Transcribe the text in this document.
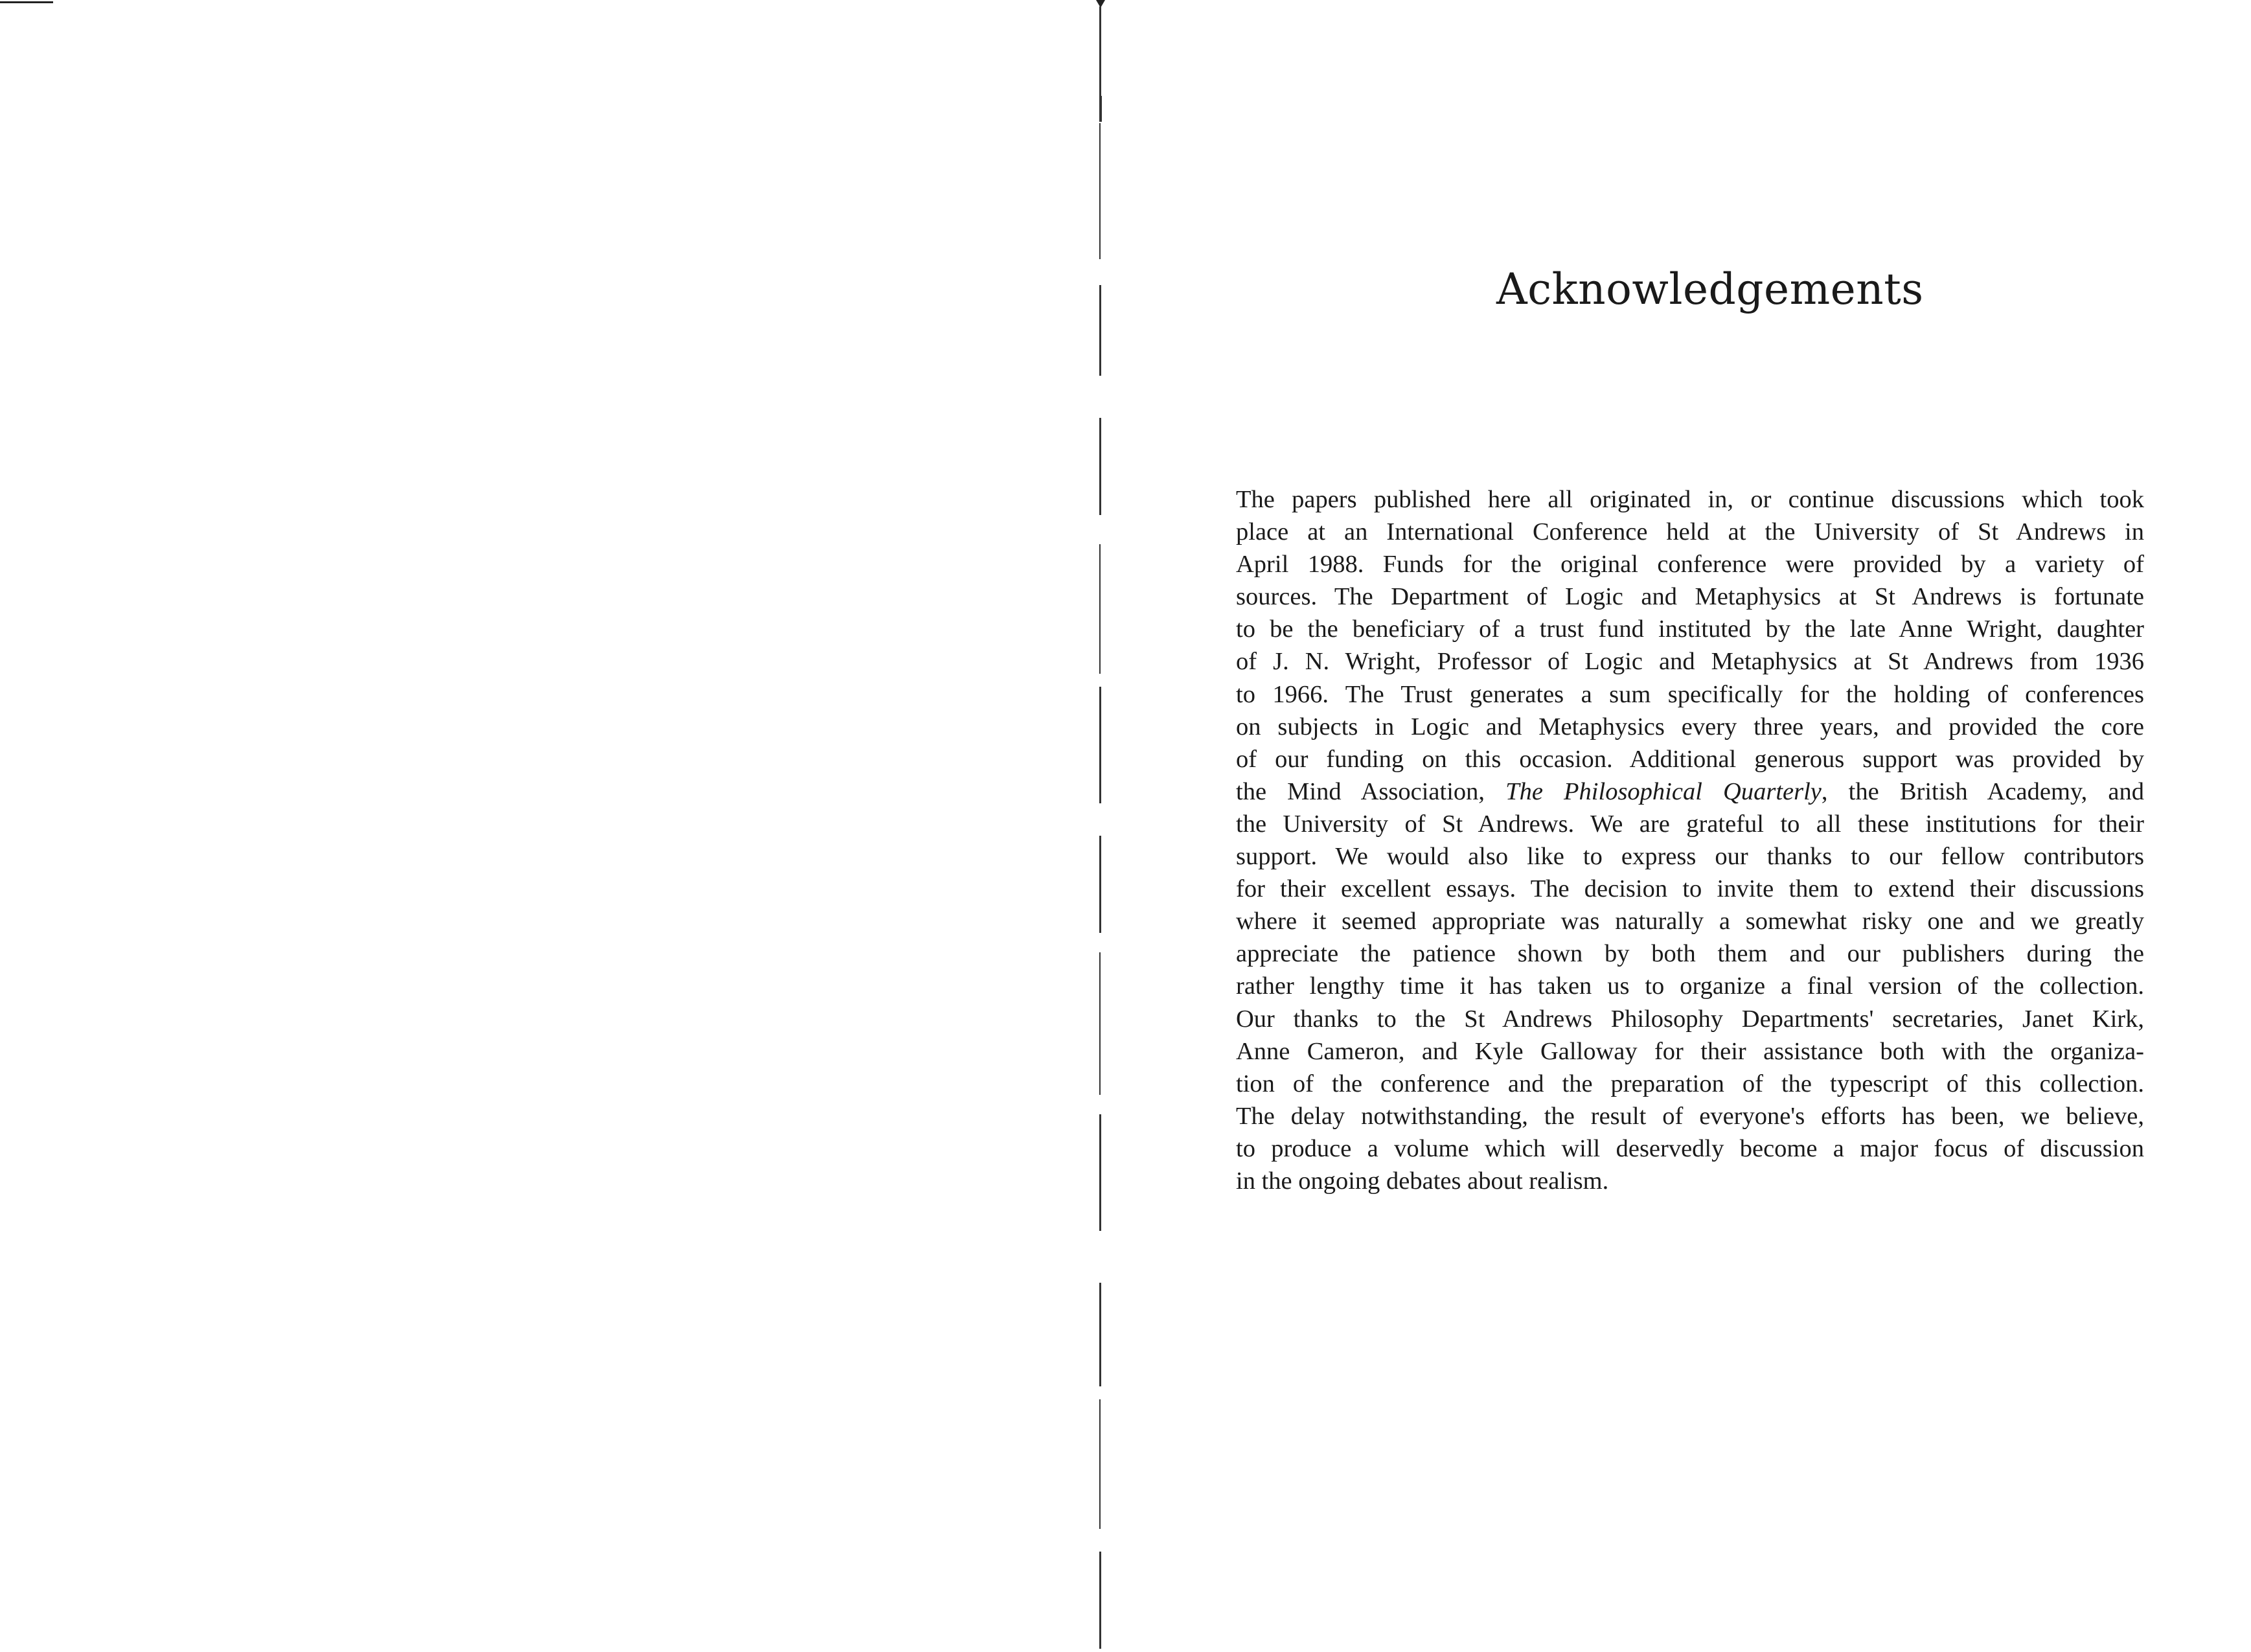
Acknowledgements
The papers published here all originated in, or continue discussions which took
place at an International Conference held at the University of St Andrews in
April 1988. Funds for the original conference were provided by a variety of
sources. The Department of Logic and Metaphysics at St Andrews is fortunate
to be the beneficiary of a trust fund instituted by the late Anne Wright, daughter
of J. N. Wright, Professor of Logic and Metaphysics at St Andrews from 1936
to 1966. The Trust generates a sum specifically for the holding of conferences
on subjects in Logic and Metaphysics every three years, and provided the core
of our funding on this occasion. Additional generous support was provided by
the Mind Association, The Philosophical Quarterly, the British Academy, and
the University of St Andrews. We are grateful to all these institutions for their
support. We would also like to express our thanks to our fellow contributors
for their excellent essays. The decision to invite them to extend their discussions
where it seemed appropriate was naturally a somewhat risky one and we greatly
appreciate the patience shown by both them and our publishers during the
rather lengthy time it has taken us to organize a final version of the collection.
Our thanks to the St Andrews Philosophy Departments' secretaries, Janet Kirk,
Anne Cameron, and Kyle Galloway for their assistance both with the organiza-
tion of the conference and the preparation of the typescript of this collection.
The delay notwithstanding, the result of everyone's efforts has been, we believe,
to produce a volume which will deservedly become a major focus of discussion
in the ongoing debates about realism.
